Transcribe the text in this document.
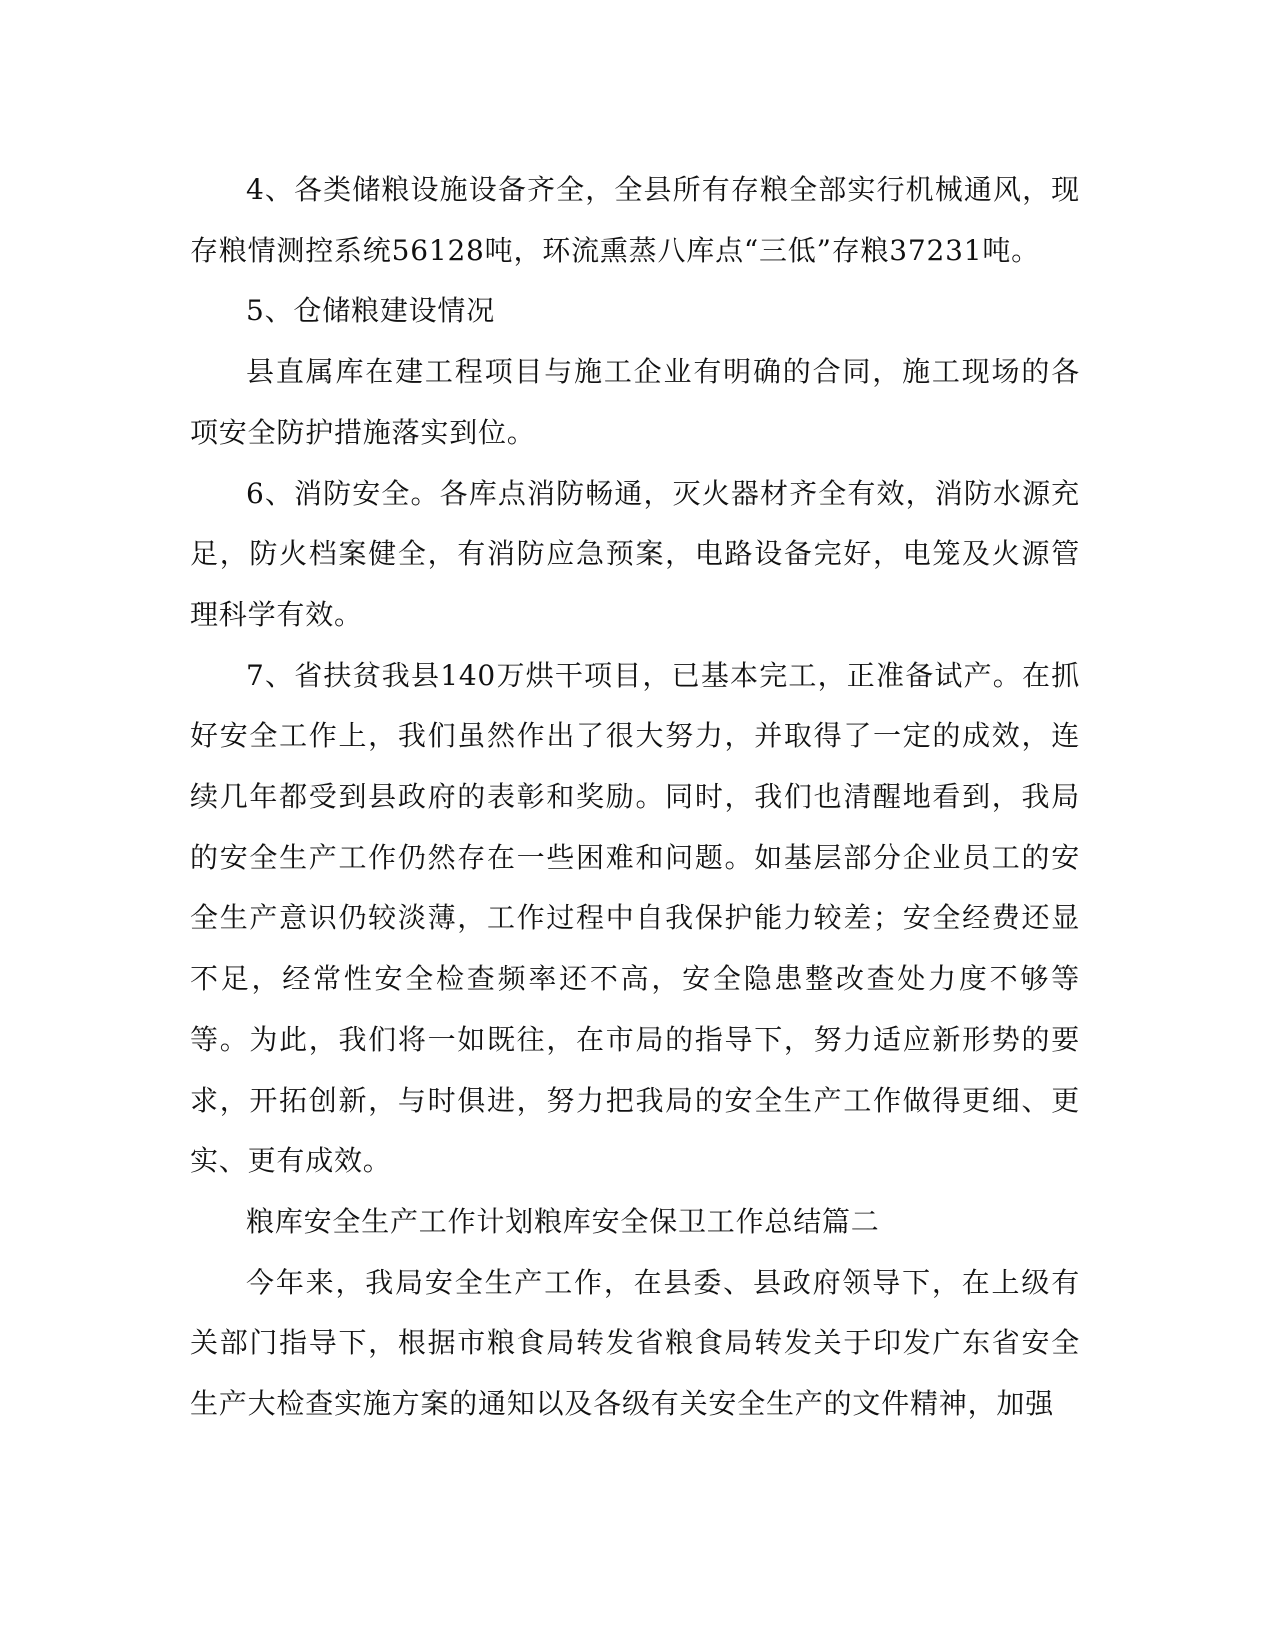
4、各类储粮设施设备齐全，全县所有存粮全部实行机械通风，现存粮情测控系统56128吨，环流熏蒸八库点“三低”存粮37231吨。

5、仓储粮建设情况

县直属库在建工程项目与施工企业有明确的合同，施工现场的各项安全防护措施落实到位。

6、消防安全。各库点消防畅通，灭火器材齐全有效，消防水源充足，防火档案健全，有消防应急预案，电路设备完好，电笼及火源管理科学有效。

7、省扶贫我县140万烘干项目，已基本完工，正准备试产。在抓好安全工作上，我们虽然作出了很大努力，并取得了一定的成效，连续几年都受到县政府的表彰和奖励。同时，我们也清醒地看到，我局的安全生产工作仍然存在一些困难和问题。如基层部分企业员工的安全生产意识仍较淡薄，工作过程中自我保护能力较差；安全经费还显不足，经常性安全检查频率还不高，安全隐患整改查处力度不够等等。为此，我们将一如既往，在市局的指导下，努力适应新形势的要求，开拓创新，与时俱进，努力把我局的安全生产工作做得更细、更实、更有成效。

粮库安全生产工作计划粮库安全保卫工作总结篇二

今年来，我局安全生产工作，在县委、县政府领导下，在上级有关部门指导下，根据市粮食局转发省粮食局转发关于印发广东省安全生产大检查实施方案的通知以及各级有关安全生产的文件精神，加强
